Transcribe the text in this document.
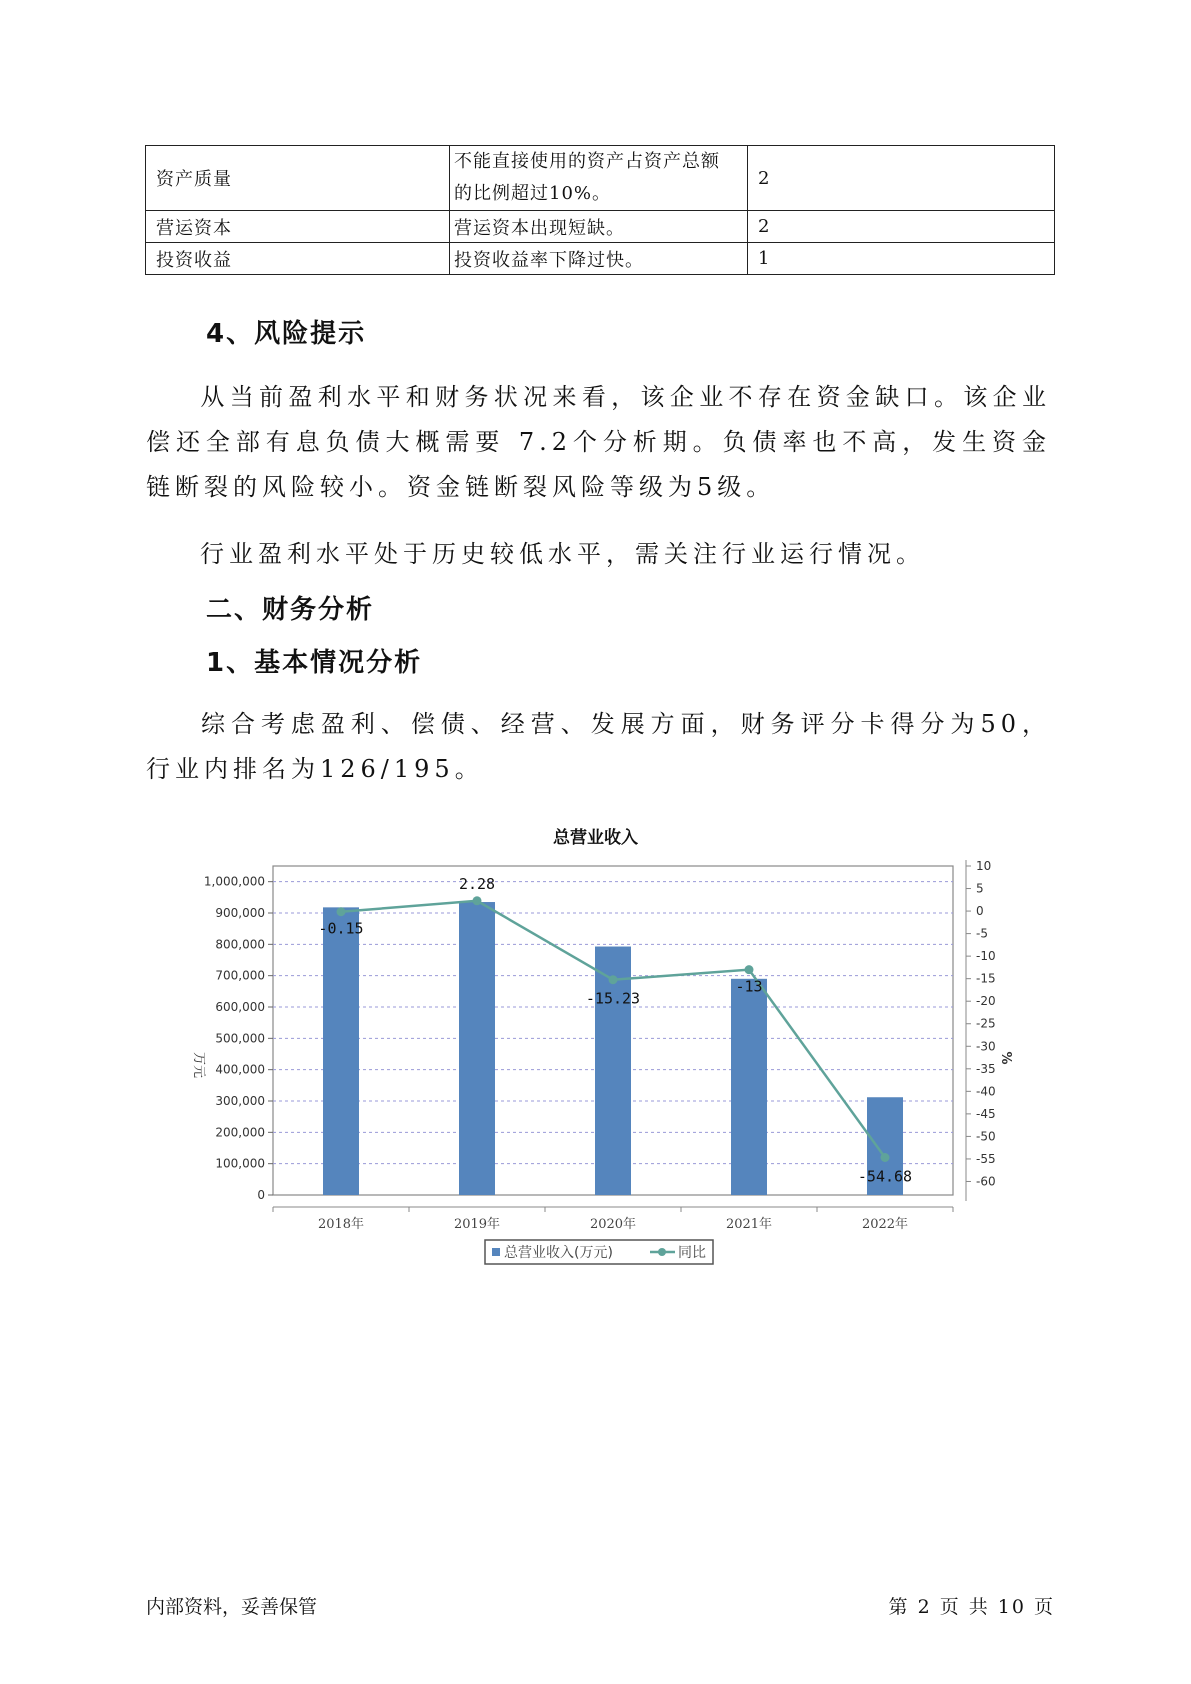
资产质量	不能直接使用的资产占资产总额的比例超过10%。	2
营运资本	营运资本出现短缺。	2
投资收益	投资收益率下降过快。	1
4、风险提示
从当前盈利水平和财务状况来看，该企业不存在资金缺口。该企业偿还全部有息负债大概需要 7.2个分析期。负债率也不高，发生资金链断裂的风险较小。资金链断裂风险等级为5级。
行业盈利水平处于历史较低水平，需关注行业运行情况。
二、财务分析
1、基本情况分析
综合考虑盈利、偿债、经营、发展方面，财务评分卡得分为50，行业内排名为126/195。
总营业收入
0
100,000
200,000
300,000
400,000
500,000
600,000
700,000
800,000
900,000
1,000,000
10
5
0
-5
-10
-15
-20
-25
-30
-35
-40
-45
-50
-55
-60
万元	%
2018年	2019年	2020年	2021年	2022年
-0.15
2.28
-15.23
-13
-54.68
总营业收入(万元)	同比
内部资料，妥善保管	第 2 页 共 10 页
